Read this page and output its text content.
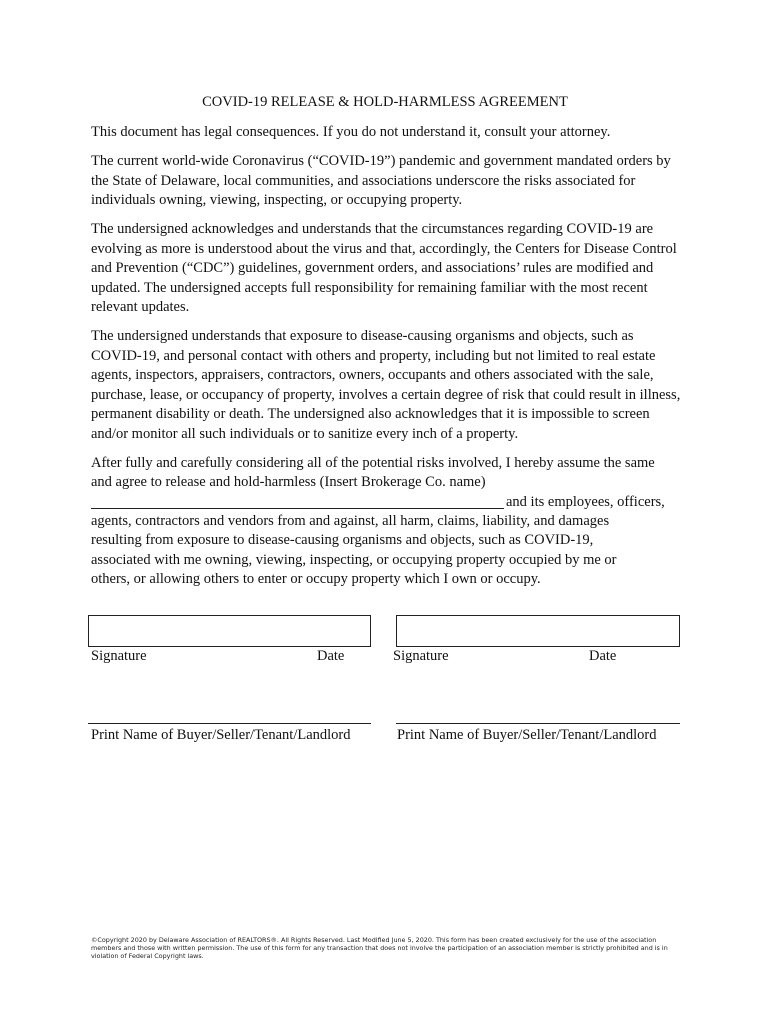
COVID-19 RELEASE & HOLD-HARMLESS AGREEMENT

This document has legal consequences. If you do not understand it, consult your attorney.

The current world-wide Coronavirus (“COVID-19”) pandemic and government mandated orders by the State of Delaware, local communities, and associations underscore the risks associated for individuals owning, viewing, inspecting, or occupying property.

The undersigned acknowledges and understands that the circumstances regarding COVID-19 are evolving as more is understood about the virus and that, accordingly, the Centers for Disease Control and Prevention (“CDC”) guidelines, government orders, and associations’ rules are modified and updated. The undersigned accepts full responsibility for remaining familiar with the most recent relevant updates.

The undersigned understands that exposure to disease-causing organisms and objects, such as COVID-19, and personal contact with others and property, including but not limited to real estate agents, inspectors, appraisers, contractors, owners, occupants and others associated with the sale, purchase, lease, or occupancy of property, involves a certain degree of risk that could result in illness, permanent disability or death. The undersigned also acknowledges that it is impossible to screen and/or monitor all such individuals or to sanitize every inch of a property.

After fully and carefully considering all of the potential risks involved, I hereby assume the same
and agree to release and hold-harmless (Insert Brokerage Co. name)
and its employees, officers,
agents, contractors and vendors from and against, all harm, claims, liability, and damages
resulting from exposure to disease-causing organisms and objects, such as COVID-19,
associated with me owning, viewing, inspecting, or occupying property occupied by me or
others, or allowing others to enter or occupy property which I own or occupy.
Signature	Date	Signature	Date
Print Name of Buyer/Seller/Tenant/Landlord	Print Name of Buyer/Seller/Tenant/Landlord
©Copyright 2020 by Delaware Association of REALTORS®. All Rights Reserved. Last Modified June 5, 2020. This form has been created exclusively for the use of the association members and those with written permission. The use of this form for any transaction that does not involve the participation of an association member is strictly prohibited and is in violation of Federal Copyright laws.
